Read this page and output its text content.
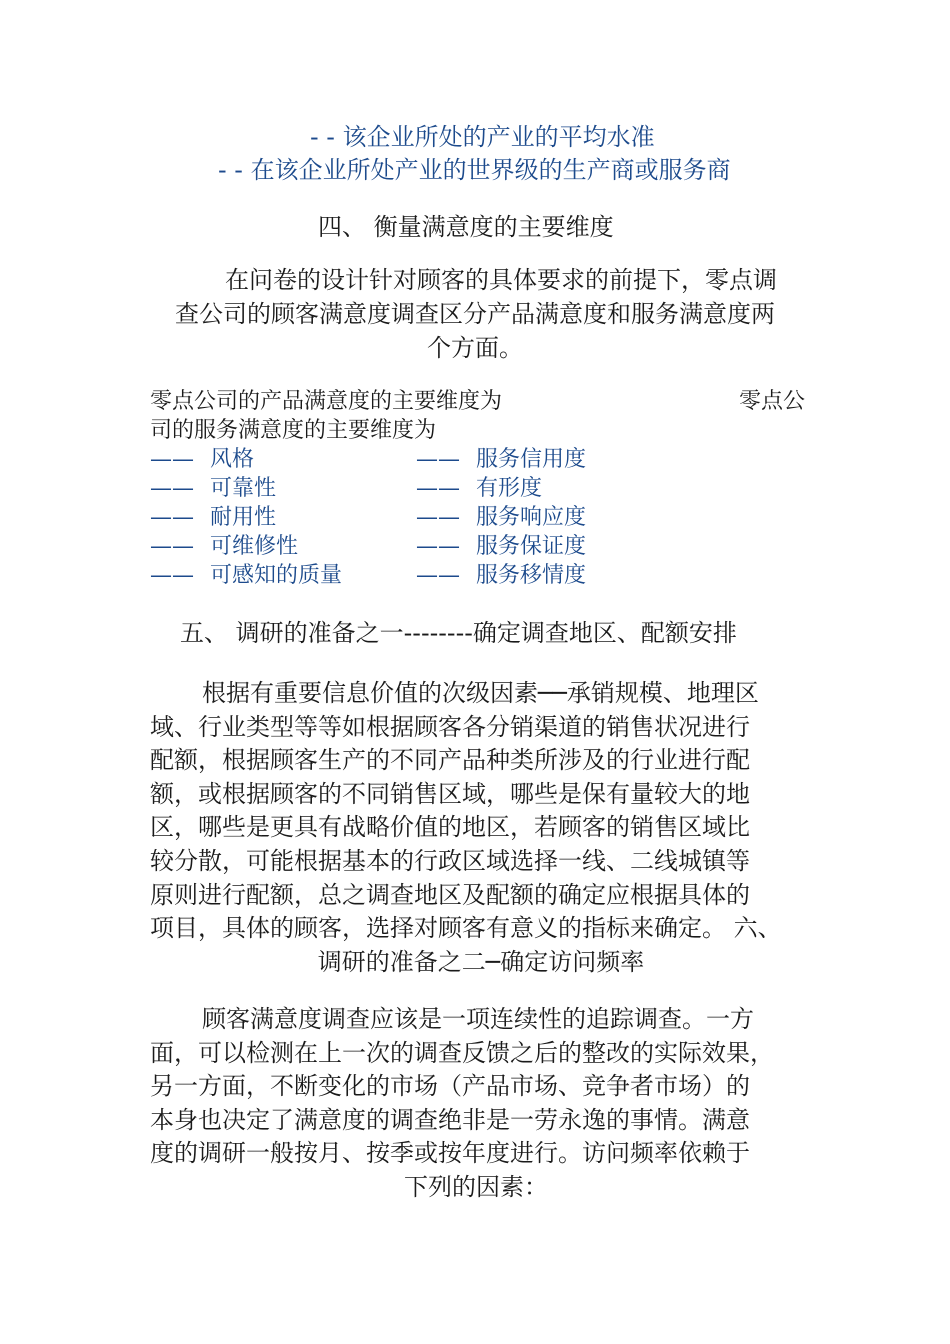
- - 该企业所处的产业的平均水准
- - 在该企业所处产业的世界级的生产商或服务商
四、 衡量满意度的主要维度
在问卷的设计针对顾客的具体要求的前提下，零点调
查公司的顾客满意度调查区分产品满意度和服务满意度两
个方面。
零点公司的产品满意度的主要维度为	零点公
司的服务满意度的主要维度为
—— 风格
—— 可靠性
—— 耐用性
—— 可维修性
—— 可感知的质量
—— 服务信用度
—— 有形度
—— 服务响应度
—— 服务保证度
—— 服务移情度
五、 调研的准备之一--------确定调查地区、配额安排
根据有重要信息价值的次级因素──承销规模、地理区
域、行业类型等等如根据顾客各分销渠道的销售状况进行
配额，根据顾客生产的不同产品种类所涉及的行业进行配
额，或根据顾客的不同销售区域，哪些是保有量较大的地
区，哪些是更具有战略价值的地区，若顾客的销售区域比
较分散，可能根据基本的行政区域选择一线、二线城镇等
原则进行配额，总之调查地区及配额的确定应根据具体的
项目，具体的顾客，选择对顾客有意义的指标来确定。 六、
调研的准备之二─确定访问频率
顾客满意度调查应该是一项连续性的追踪调查。一方
面，可以检测在上一次的调查反馈之后的整改的实际效果，
另一方面，不断变化的市场（产品市场、竞争者市场）的
本身也决定了满意度的调查绝非是一劳永逸的事情。满意
度的调研一般按月、按季或按年度进行。访问频率依赖于
下列的因素：
